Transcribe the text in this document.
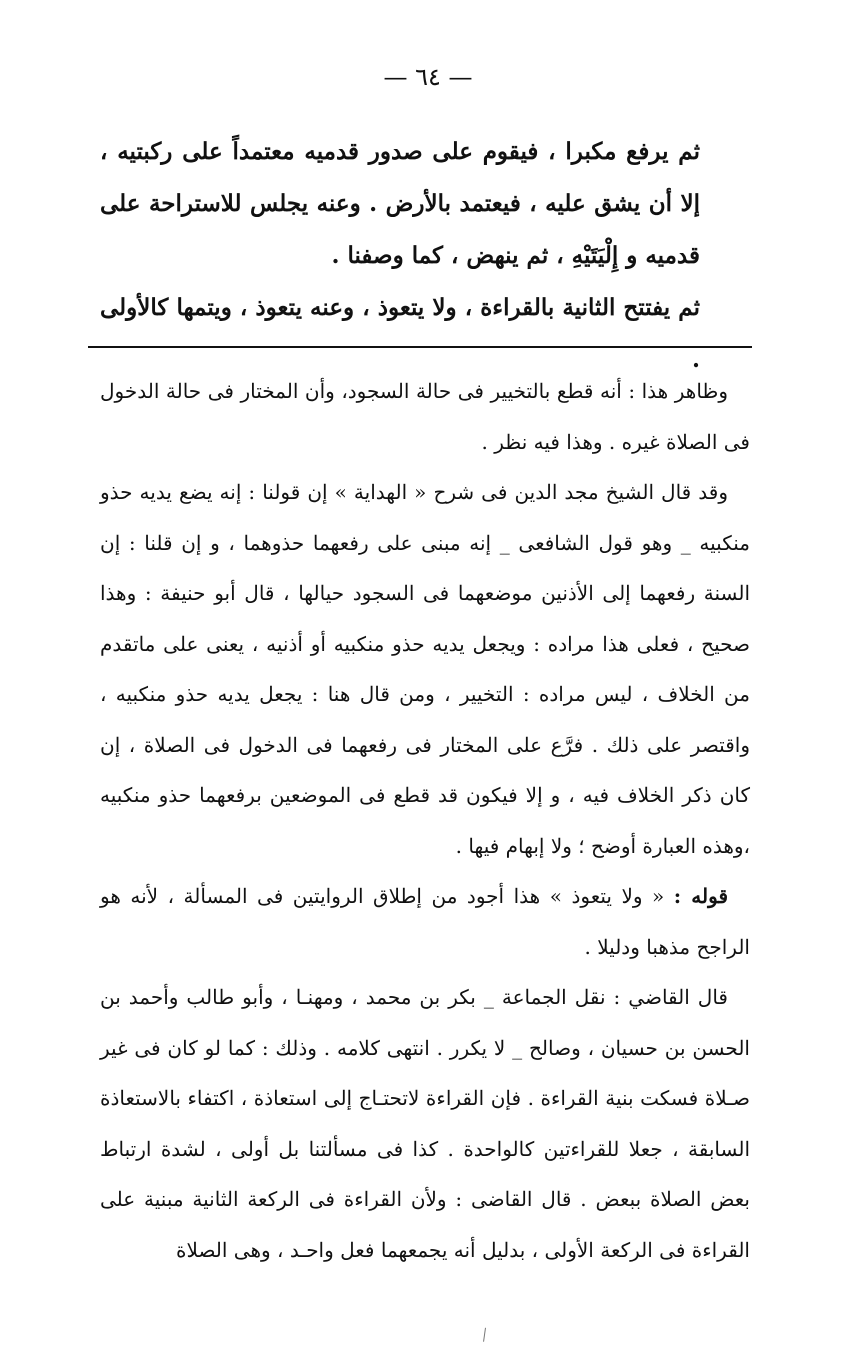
— ٦٤ —

ثم يرفع مكبرا ، فيقوم على صدور قدميه معتمداً على ركبتيه ، إلا أن يشق عليه ، فيعتمد بالأرض . وعنه يجلس للاستراحة على قدميه و إِلْيَتَيْهِ ، ثم ينهض ، كما وصفنا .

ثم يفتتح الثانية بالقراءة ، ولا يتعوذ ، وعنه يتعوذ ، ويتمها كالأولى .

وظاهر هذا : أنه قطع بالتخيير فى حالة السجود، وأن المختار فى حالة الدخول فى الصلاة غيره . وهذا فيه نظر .

وقد قال الشيخ مجد الدين فى شرح « الهداية » إن قولنا : إنه يضع يديه حذو منكبيه _ وهو قول الشافعى _ إنه مبنى على رفعهما حذوهما ، و إن قلنا : إن السنة رفعهما إلى الأذنين موضعهما فى السجود حيالها ، قال أبو حنيفة : وهذا صحيح ، فعلى هذا مراده : ويجعل يديه حذو منكبيه أو أذنيه ، يعنى على ماتقدم من الخلاف ، ليس مراده : التخيير ، ومن قال هنا : يجعل يديه حذو منكبيه ، واقتصر على ذلك . فرَّع على المختار فى رفعهما فى الدخول فى الصلاة ، إن كان ذكر الخلاف فيه ، و إلا فيكون قد قطع فى الموضعين برفعهما حذو منكبيه ،وهذه العبارة أوضح ؛ ولا إبهام فيها .

قوله : « ولا يتعوذ » هذا أجود من إطلاق الروايتين فى المسألة ، لأنه هو الراجح مذهبا ودليلا .

قال القاضي : نقل الجماعة _ بكر بن محمد ، ومهنـا ، وأبو طالب وأحمد بن الحسن بن حسيان ، وصالح _ لا يكرر . انتهى كلامه . وذلك : كما لو كان فى غير صـلاة فسكت بنية القراءة . فإن القراءة لاتحتـاج إلى استعاذة ، اكتفاء بالاستعاذة السابقة ، جعلا للقراءتين كالواحدة . كذا فى مسألتنا بل أولى ، لشدة ارتباط بعض الصلاة ببعض . قال القاضى : ولأن القراءة فى الركعة الثانية مبنية على القراءة فى الركعة الأولى ، بدليل أنه يجمعهما فعل واحـد ، وهى الصلاة
